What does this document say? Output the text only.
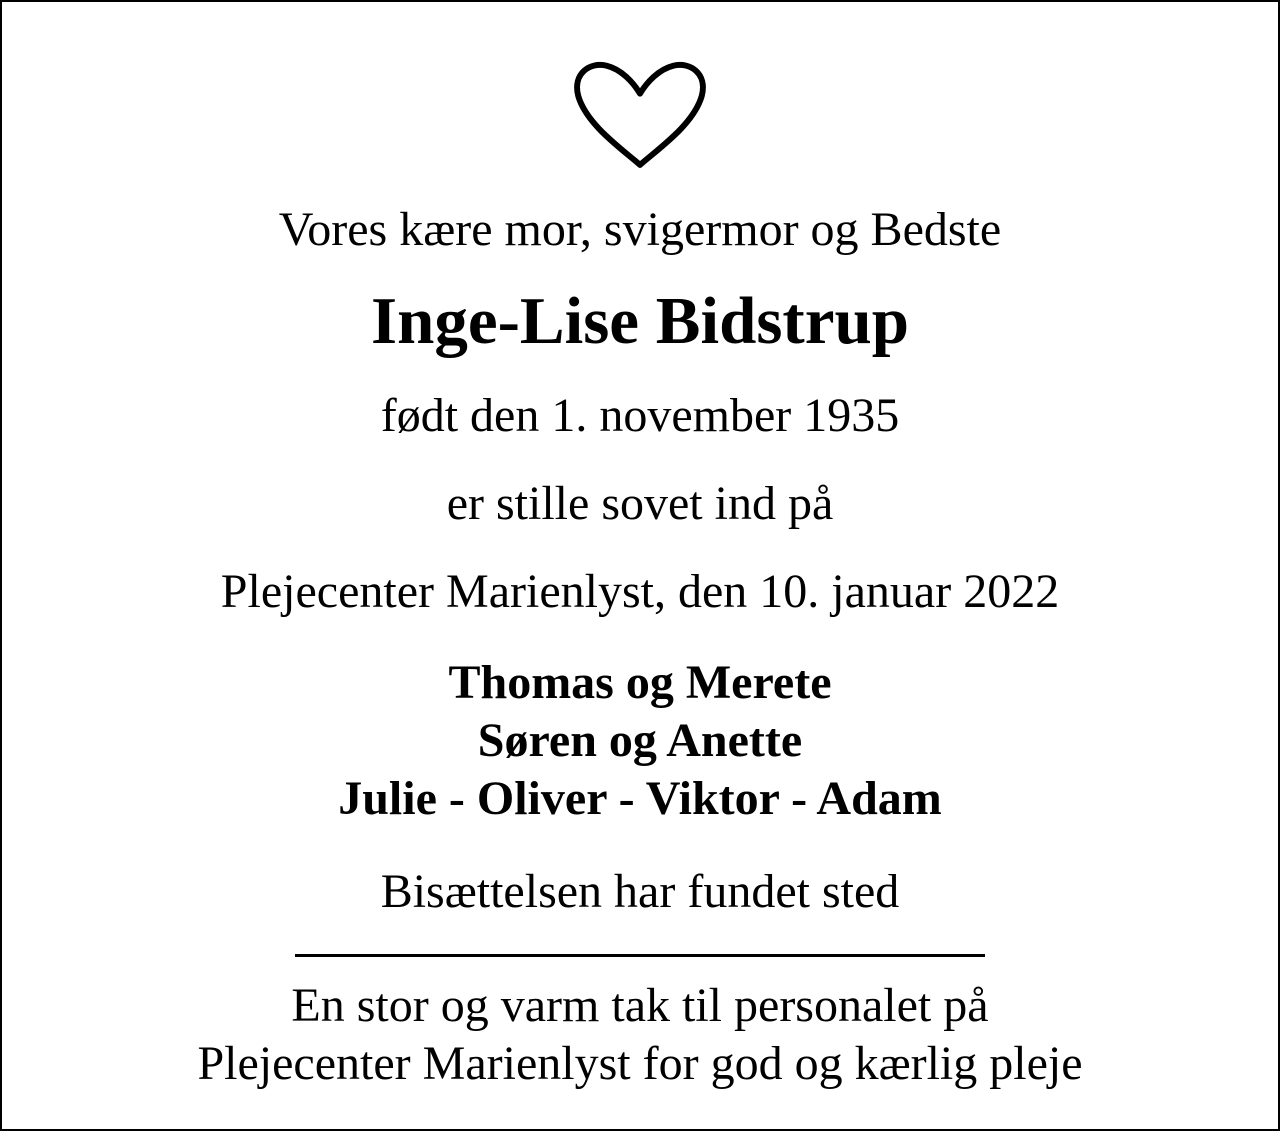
Vores kære mor, svigermor og Bedste
Inge-Lise Bidstrup
født den 1. november 1935
er stille sovet ind på
Plejecenter Marienlyst, den 10. januar 2022
Thomas og Merete
Søren og Anette
Julie - Oliver - Viktor - Adam
Bisættelsen har fundet sted
En stor og varm tak til personalet på
Plejecenter Marienlyst for god og kærlig pleje
